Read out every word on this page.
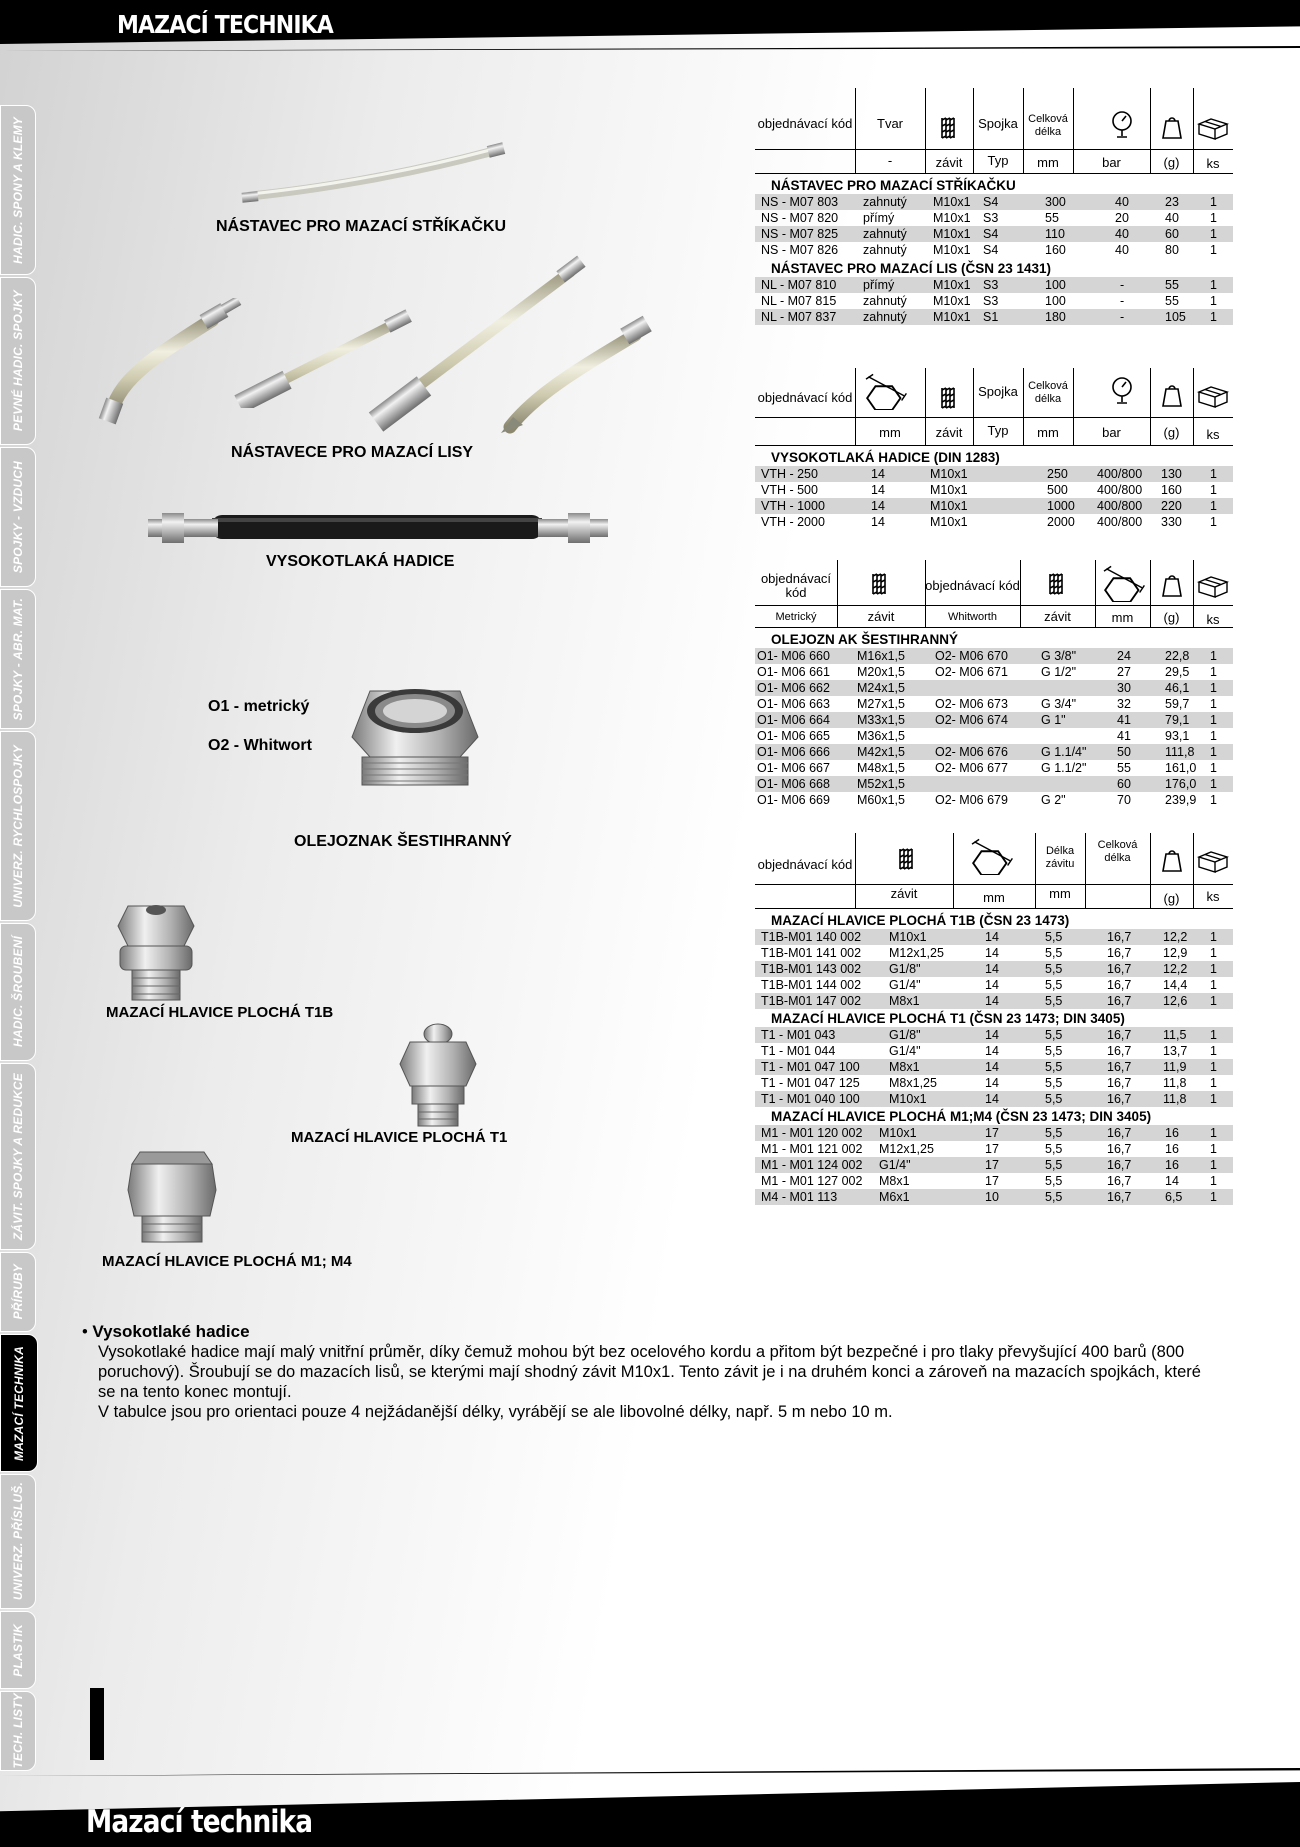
MAZACÍ TECHNIKA
HADIC. SPONY A KLEMY
PEVNÉ HADIC. SPOJKY
SPOJKY - VZDUCH
SPOJKY - ABR. MAT.
UNIVERZ. RYCHLOSPOJKY
HADIC. ŠROUBENÍ
ZÁVIT. SPOJKY A REDUKCE
PŘÍRUBY
MAZACÍ TECHNIKA
UNIVERZ. PŘÍSLUŠ.
PLASTIK
TECH. LISTY
NÁSTAVEC PRO MAZACÍ STŘÍKAČKU
NÁSTAVECE PRO MAZACÍ LISY
VYSOKOTLAKÁ HADICE
O1 - metrický
O2 - Whitwort
OLEJOZNAK ŠESTIHRANNÝ
MAZACÍ HLAVICE PLOCHÁ T1B
MAZACÍ HLAVICE PLOCHÁ T1
MAZACÍ HLAVICE PLOCHÁ M1; M4
objednávací kód	Tvar	Spojka Celková délka
-	závit	Typ	mm	bar	(g)	ks
NÁSTAVEC PRO MAZACÍ STŘÍKAČKU
NS - M07 803 zahnutý M10x1 S4	300	40	23 1
NS - M07 820 přímý	M10x1 S3	55	20	40 1
NS - M07 825 zahnutý M10x1 S4	110	40	60 1
NS - M07 826 zahnutý M10x1 S4	160	40	80 1
NÁSTAVEC PRO MAZACÍ LIS (ČSN 23 1431)
NL - M07 810 přímý	M10x1 S3	100	-	55 1
NL - M07 815 zahnutý M10x1 S3	100	-	55 1
NL - M07 837 zahnutý M10x1 S1	180	-	105 1
objednávací kód	Spojka Celková délka
mm	závit	Typ	mm	bar	(g)	ks
VYSOKOTLAKÁ HADICE (DIN 1283)
VTH - 250	14	M10x1	250 400/800 130 1
VTH - 500	14	M10x1	500 400/800 160 1
VTH - 1000	14	M10x1	1000 400/800 220 1
VTH - 2000	14	M10x1	2000 400/800 330 1
objednávací kód	objednávací kód
Metrický	závit	Whitworth	závit	mm	(g)	ks
OLEJOZN AK ŠESTIHRANNÝ
O1- M06 660 M16x1,5 O2- M06 670	G 3/8"	24	22,8 1
O1- M06 661 M20x1,5 O2- M06 671	G 1/2"	27	29,5 1
O1- M06 662 M24x1,5	30	46,1 1
O1- M06 663 M27x1,5 O2- M06 673	G 3/4"	32	59,7 1
O1- M06 664 M33x1,5 O2- M06 674	G 1"	41	79,1 1
O1- M06 665 M36x1,5	41	93,1 1
O1- M06 666 M42x1,5 O2- M06 676	G 1.1/4" 50	111,8 1
O1- M06 667 M48x1,5 O2- M06 677	G 1.1/2" 55	161,0 1
O1- M06 668 M52x1,5	60	176,0 1
O1- M06 669 M60x1,5 O2- M06 679	G 2"	70	239,9 1
objednávací kód
Délka závitu
Celková délka
závit	mm	mm	(g)	ks
MAZACÍ HLAVICE PLOCHÁ T1B (ČSN 23 1473)
T1B-M01 140 002 M10x1	14	5,5	16,7	12,2 1
T1B-M01 141 002 M12x1,25	14	5,5	16,7	12,9 1
T1B-M01 143 002 G1/8"	14	5,5	16,7	12,2 1
T1B-M01 144 002 G1/4"	14	5,5	16,7	14,4 1
T1B-M01 147 002 M8x1	14	5,5	16,7	12,6 1
MAZACÍ HLAVICE PLOCHÁ T1 (ČSN 23 1473; DIN 3405)
T1 - M01 043	G1/8"	14	5,5	16,7	11,5 1
T1 - M01 044	G1/4"	14	5,5	16,7	13,7 1
T1 - M01 047 100 M8x1	14	5,5	16,7	11,9 1
T1 - M01 047 125 M8x1,25	14	5,5	16,7	11,8 1
T1 - M01 040 100 M10x1	14	5,5	16,7	11,8 1
MAZACÍ HLAVICE PLOCHÁ M1;M4 (ČSN 23 1473; DIN 3405)
M1 - M01 120 002 M10x1	17	5,5	16,7	16 1
M1 - M01 121 002 M12x1,25	17	5,5	16,7	16 1
M1 - M01 124 002 G1/4"	17	5,5	16,7	16 1
M1 - M01 127 002 M8x1	17	5,5	16,7	14 1
M4 - M01 113	M6x1	10	5,5	16,7	6,5 1
• Vysokotlaké hadice
Vysokotlaké hadice mají malý vnitřní průměr, díky čemuž mohou být bez ocelového kordu a přitom být bezpečné i pro tlaky převyšující 400 barů (800 poruchový). Šroubují se do mazacích lisů, se kterými mají shodný závit M10x1. Tento závit je i na druhém konci a zároveň na mazacích spojkách, které se na tento konec montují.
V tabulce jsou pro orientaci pouze 4 nejžádanější délky, vyrábějí se ale libovolné délky, např. 5 m nebo 10 m.
Mazací technika
